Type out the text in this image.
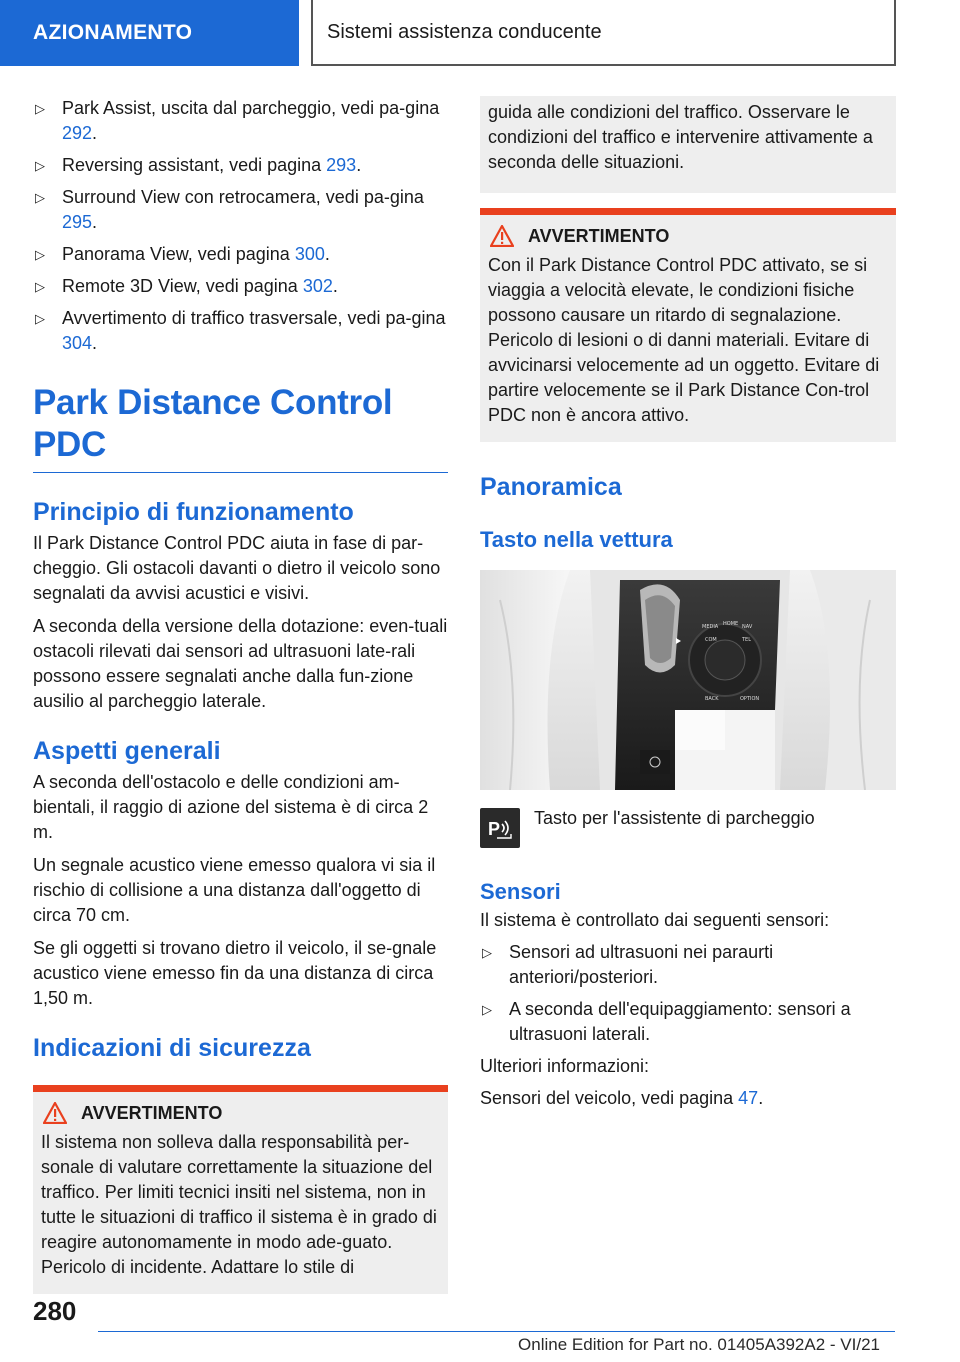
AZIONAMENTO	Sistemi assistenza conducente
▷ Park Assist, uscita dal parcheggio, vedi pa‐gina 292.
▷ Reversing assistant, vedi pagina 293.
▷ Surround View con retrocamera, vedi pa‐gina 295.
▷ Panorama View, vedi pagina 300.
▷ Remote 3D View, vedi pagina 302.
▷ Avvertimento di traffico trasversale, vedi pa‐gina 304.
Park Distance Control PDC
Principio di funzionamento

Il Park Distance Control PDC aiuta in fase di par‐cheggio. Gli ostacoli davanti o dietro il veicolo sono segnalati da avvisi acustici e visivi.

A seconda della versione della dotazione: even‐tuali ostacoli rilevati dai sensori ad ultrasuoni late‐rali possono essere segnalati anche dalla fun‐zione ausilio al parcheggio laterale.

Aspetti generali

A seconda dell'ostacolo e delle condizioni am‐bientali, il raggio di azione del sistema è di circa 2 m.

Un segnale acustico viene emesso qualora vi sia il rischio di collisione a una distanza dall'oggetto di circa 70 cm.

Se gli oggetti si trovano dietro il veicolo, il se‐gnale acustico viene emesso fin da una distanza di circa 1,50 m.

Indicazioni di sicurezza
AVVERTIMENTO

Il sistema non solleva dalla responsabilità per‐sonale di valutare correttamente la situazione del traffico. Per limiti tecnici insiti nel sistema, non in tutte le situazioni di traffico il sistema è in grado di reagire autonomamente in modo ade‐guato. Pericolo di incidente. Adattare lo stile di

guida alle condizioni del traffico. Osservare le condizioni del traffico e intervenire attivamente a seconda delle situazioni.

AVVERTIMENTO

Con il Park Distance Control PDC attivato, se si viaggia a velocità elevate, le condizioni fisiche possono causare un ritardo di segnalazione. Pericolo di lesioni o di danni materiali. Evitare di avvicinarsi velocemente ad un oggetto. Evitare di partire velocemente se il Park Distance Con‐trol PDC non è ancora attivo.

Panoramica
Tasto nella vettura
MEDIA HOME NAV
COM	TEL
BACK	OPTION
P

Tasto per l'assistente di parcheggio

Sensori

Il sistema è controllato dai seguenti sensori:

▷ Sensori ad ultrasuoni nei paraurti anteriori/posteriori.
▷ A seconda dell'equipaggiamento: sensori a ultrasuoni laterali.

Ulteriori informazioni:

Sensori del veicolo, vedi pagina 47.

280
Online Edition for Part no. 01405A392A2 - VI/21
